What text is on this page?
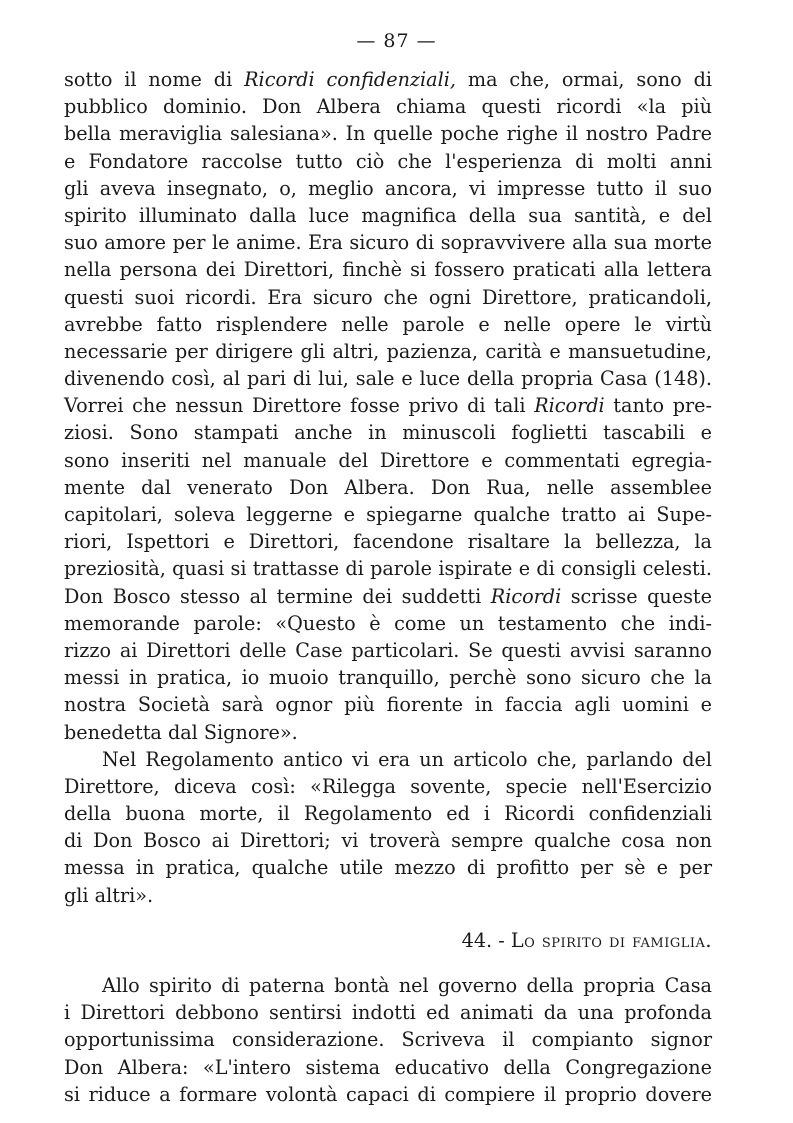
— 87 —

sotto il nome di Ricordi confidenziali, ma che, ormai, sono di
pubblico dominio. Don Albera chiama questi ricordi «la più
bella meraviglia salesiana». In quelle poche righe il nostro Padre
e Fondatore raccolse tutto ciò che l'esperienza di molti anni
gli aveva insegnato, o, meglio ancora, vi impresse tutto il suo
spirito illuminato dalla luce magnifica della sua santità, e del
suo amore per le anime. Era sicuro di sopravvivere alla sua morte
nella persona dei Direttori, finchè si fossero praticati alla lettera
questi suoi ricordi. Era sicuro che ogni Direttore, praticandoli,
avrebbe fatto risplendere nelle parole e nelle opere le virtù
necessarie per dirigere gli altri, pazienza, carità e mansuetudine,
divenendo così, al pari di lui, sale e luce della propria Casa (148).
Vorrei che nessun Direttore fosse privo di tali Ricordi tanto pre-
ziosi. Sono stampati anche in minuscoli foglietti tascabili e
sono inseriti nel manuale del Direttore e commentati egregia-
mente dal venerato Don Albera. Don Rua, nelle assemblee
capitolari, soleva leggerne e spiegarne qualche tratto ai Supe-
riori, Ispettori e Direttori, facendone risaltare la bellezza, la
preziosità, quasi si trattasse di parole ispirate e di consigli celesti.
Don Bosco stesso al termine dei suddetti Ricordi scrisse queste
memorande parole: «Questo è come un testamento che indi-
rizzo ai Direttori delle Case particolari. Se questi avvisi saranno
messi in pratica, io muoio tranquillo, perchè sono sicuro che la
nostra Società sarà ognor più fiorente in faccia agli uomini e
benedetta dal Signore».

Nel Regolamento antico vi era un articolo che, parlando del
Direttore, diceva così: «Rilegga sovente, specie nell'Esercizio
della buona morte, il Regolamento ed i Ricordi confidenziali
di Don Bosco ai Direttori; vi troverà sempre qualche cosa non
messa in pratica, qualche utile mezzo di profitto per sè e per
gli altri».

44. - Lo spirito di famiglia.

Allo spirito di paterna bontà nel governo della propria Casa
i Direttori debbono sentirsi indotti ed animati da una profonda
opportunissima considerazione. Scriveva il compianto signor
Don Albera: «L'intero sistema educativo della Congregazione
si riduce a formare volontà capaci di compiere il proprio dovere
